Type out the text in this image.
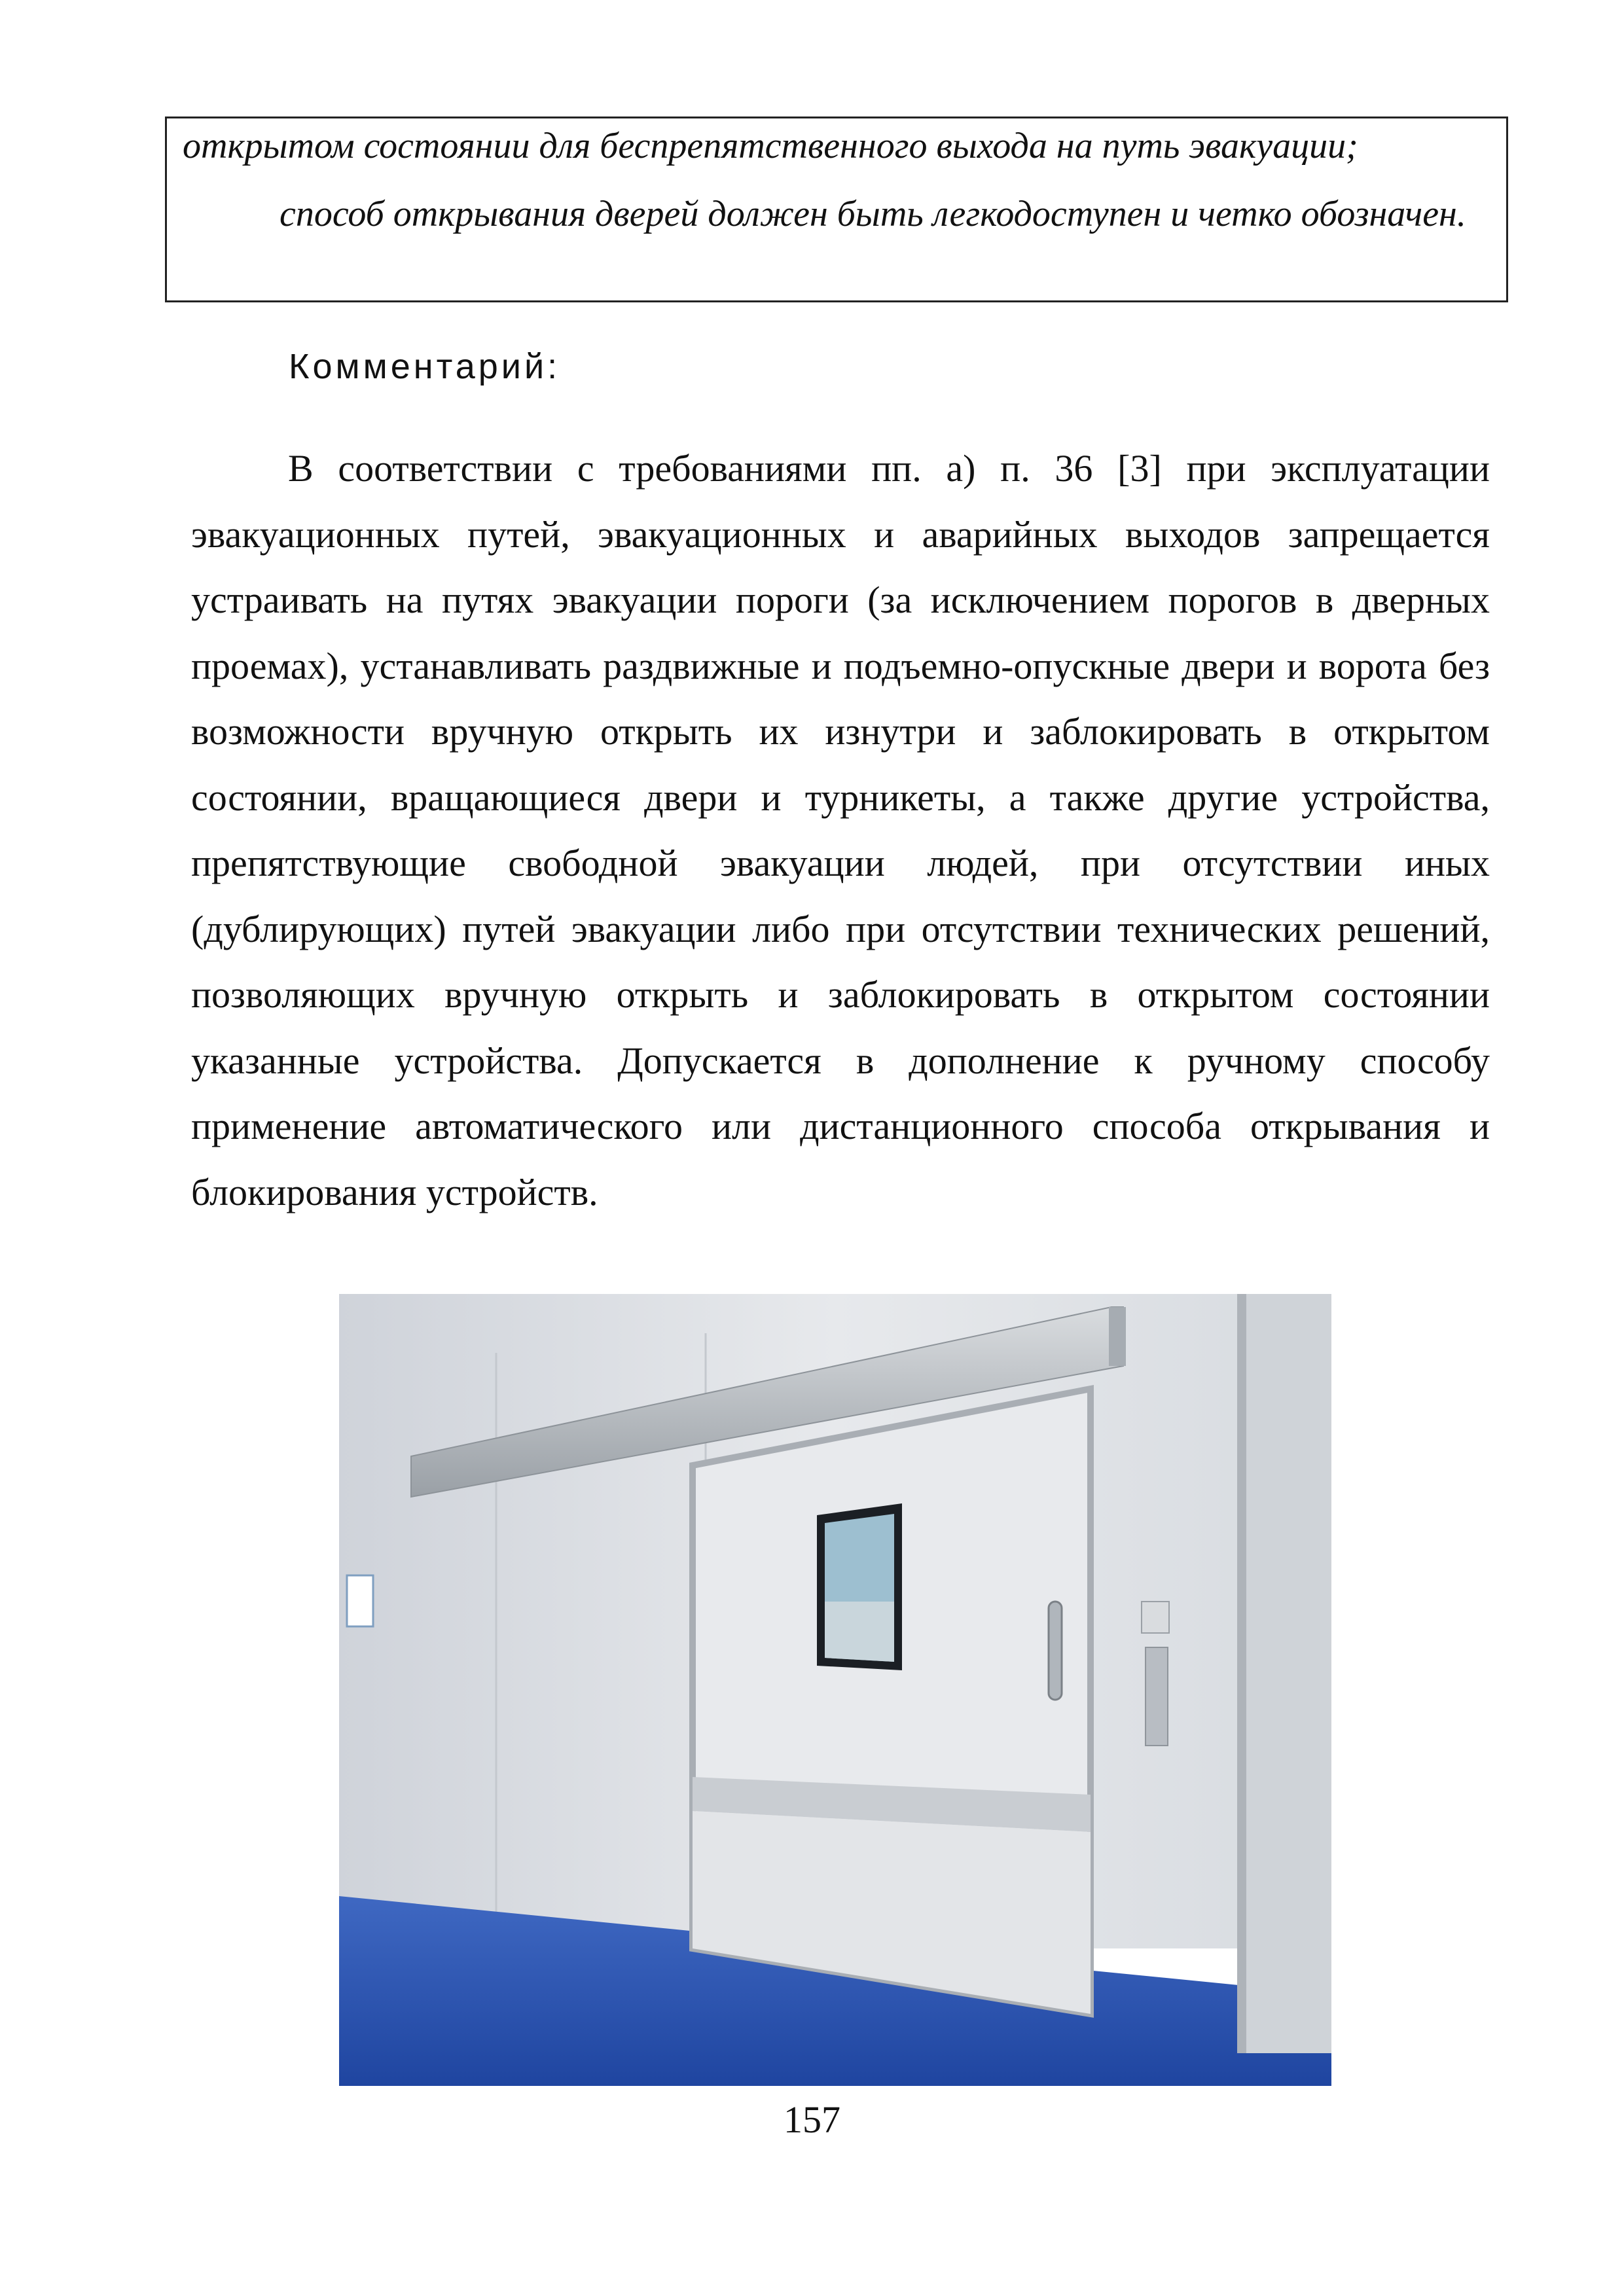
открытом состоянии для беспрепятственного выхода на путь эвакуации;
способ открывания дверей должен быть легкодоступен и четко обозначен.
Комментарий:
В соответствии с требованиями пп. а) п. 36 [3] при эксплуатации эвакуационных путей, эвакуационных и аварийных выходов запрещается устраивать на путях эвакуации пороги (за исключением порогов в дверных проемах), устанавливать раздвижные и подъемно-опускные двери и ворота без возможности вручную открыть их изнутри и заблокировать в открытом состоянии, вращающиеся двери и турникеты, а также другие устройства, препятствующие свободной эвакуации людей, при отсутствии иных (дублирующих) путей эвакуации либо при отсутствии технических решений, позволяющих вручную открыть и заблокировать в открытом состоянии указанные устройства. Допускается в дополнение к ручному способу применение автоматического или дистанционного способа открывания и блокирования устройств.
157
